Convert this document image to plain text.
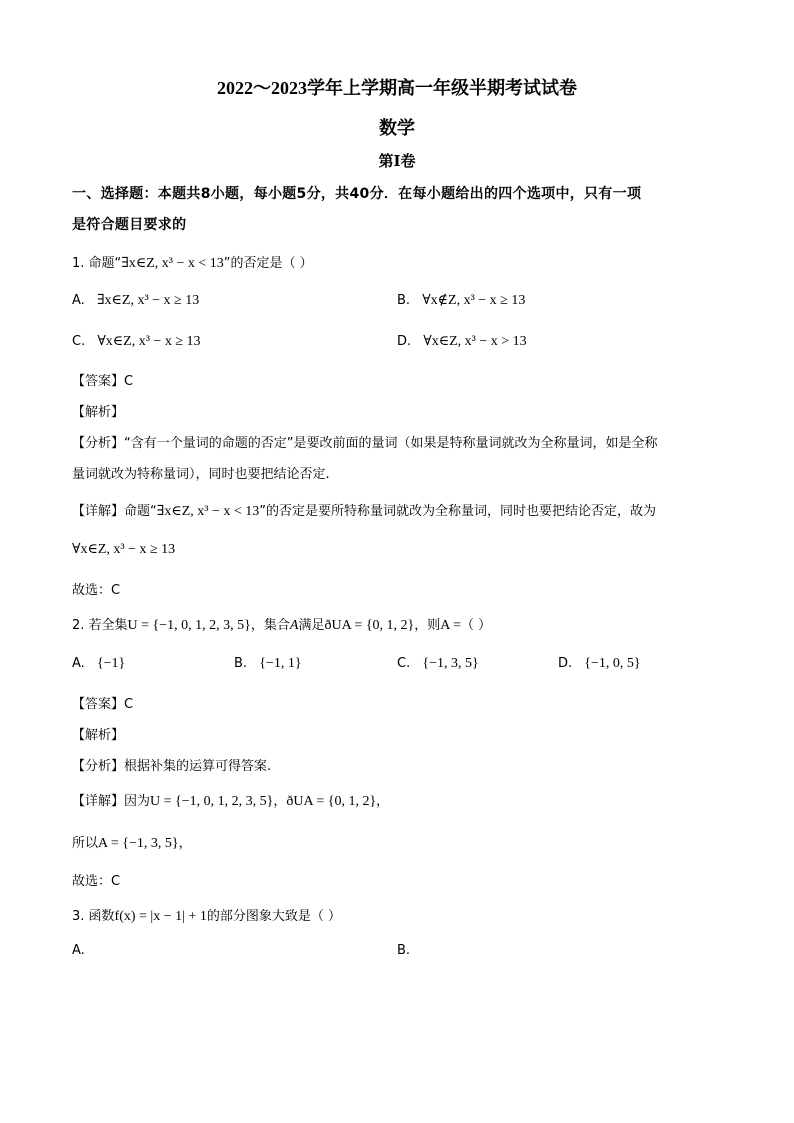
2022～2023学年上学期高一年级半期考试试卷
数学
第Ⅰ卷
一、选择题：本题共8小题，每小题5分，共40分．在每小题给出的四个选项中，只有一项
是符合题目要求的
1. 命题“∃x∈Z, x³ − x < 13”的否定是（ ）
A. ∃x∈Z, x³ − x ≥ 13	B. ∀x∉Z, x³ − x ≥ 13
C. ∀x∈Z, x³ − x ≥ 13	D. ∀x∈Z, x³ − x > 13
【答案】C
【解析】
【分析】“含有一个量词的命题的否定”是要改前面的量词（如果是特称量词就改为全称量词，如是全称
量词就改为特称量词），同时也要把结论否定.
【详解】命题“∃x∈Z, x³ − x < 13”的否定是要所特称量词就改为全称量词，同时也要把结论否定，故为
∀x∈Z, x³ − x ≥ 13
故选：C
2. 若全集U = {−1, 0, 1, 2, 3, 5}，集合A满足ðUA = {0, 1, 2}，则A =（ ）
A. {−1}	B. {−1, 1}	C. {−1, 3, 5}	D. {−1, 0, 5}
【答案】C
【解析】
【分析】根据补集的运算可得答案.
【详解】因为U = {−1, 0, 1, 2, 3, 5}，ðUA = {0, 1, 2}，
所以A = {−1, 3, 5}，
故选：C
3. 函数f(x) = |x − 1| + 1的部分图象大致是（ ）
A.	B.
